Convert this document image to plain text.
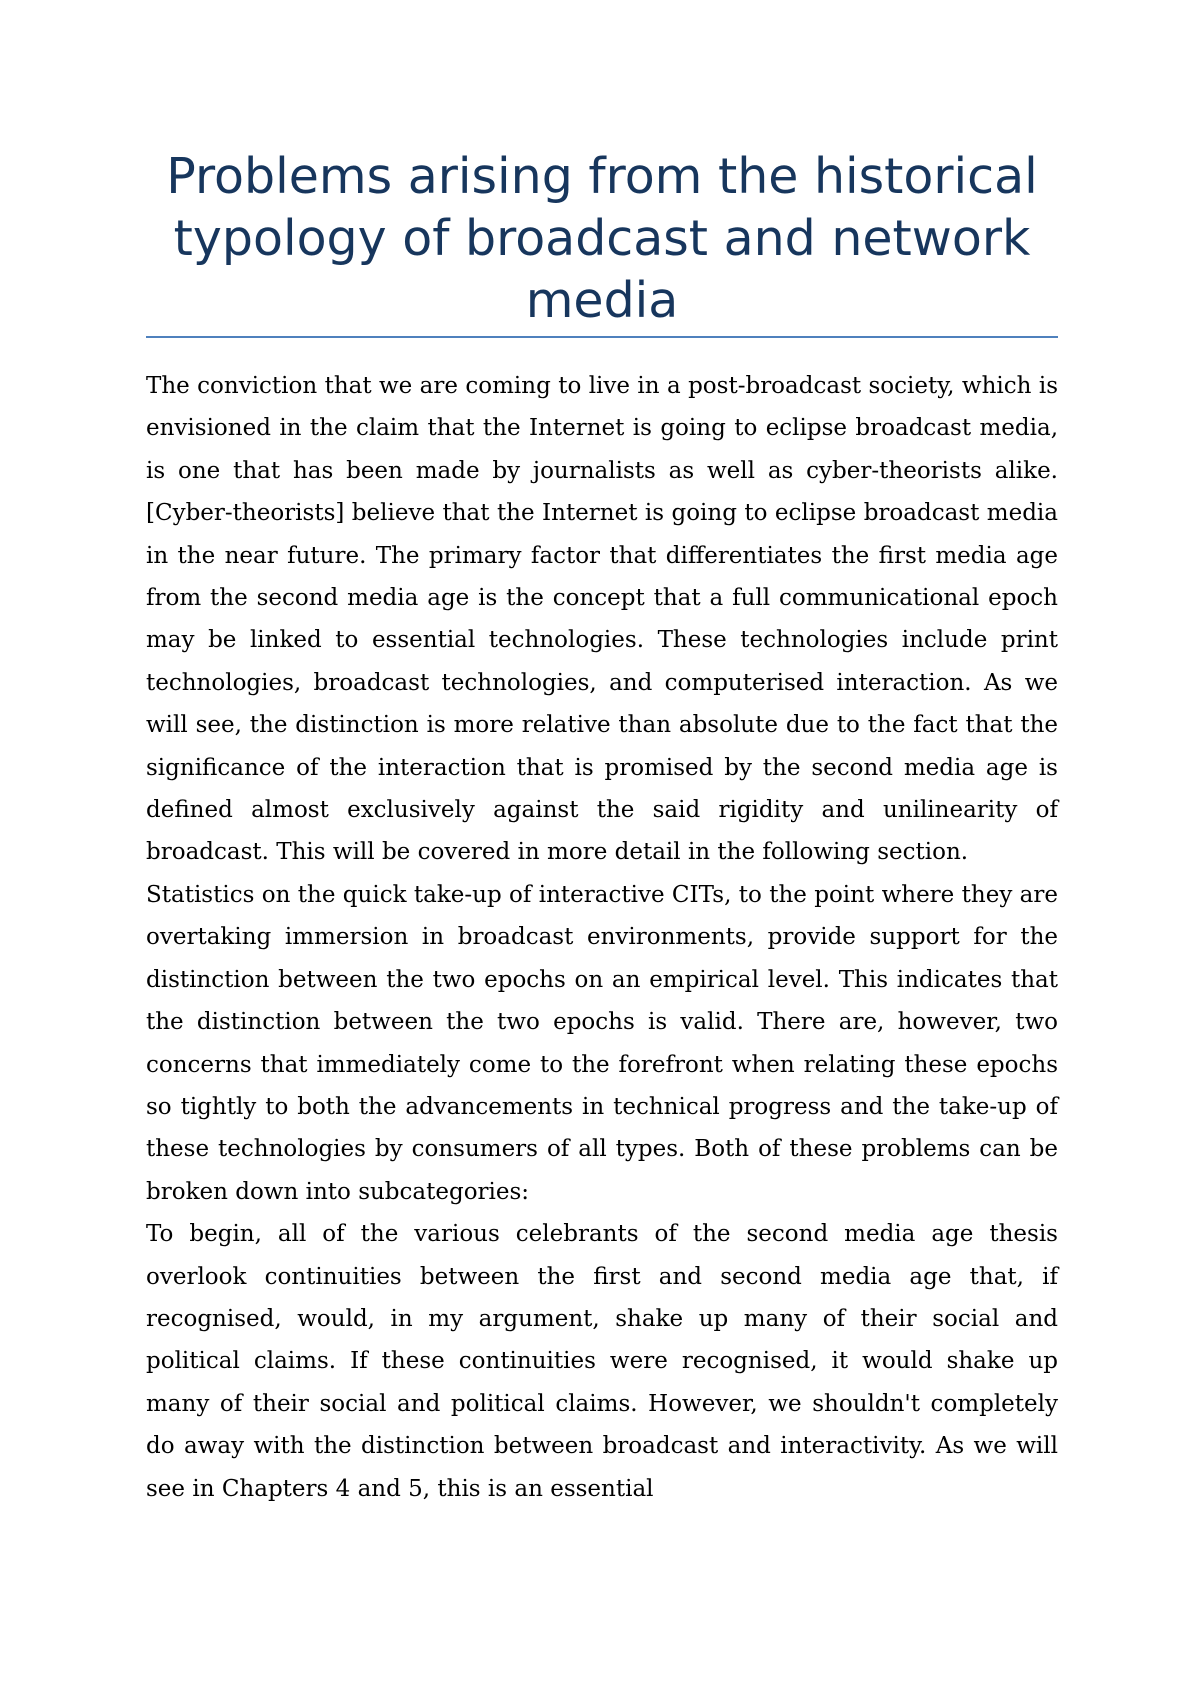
Problems arising from the historical typology of broadcast and network media

The conviction that we are coming to live in a post-broadcast society, which is envisioned in the claim that the Internet is going to eclipse broadcast media, is one that has been made by journalists as well as cyber-theorists alike. [Cyber-theorists] believe that the Internet is going to eclipse broadcast media in the near future. The primary factor that differentiates the first media age from the second media age is the concept that a full communicational epoch may be linked to essential technologies. These technologies include print technologies, broadcast technologies, and computerised interaction. As we will see, the distinction is more relative than absolute due to the fact that the significance of the interaction that is promised by the second media age is defined almost exclusively against the said rigidity and unilinearity of broadcast. This will be covered in more detail in the following section.

Statistics on the quick take-up of interactive CITs, to the point where they are overtaking immersion in broadcast environments, provide support for the distinction between the two epochs on an empirical level. This indicates that the distinction between the two epochs is valid. There are, however, two concerns that immediately come to the forefront when relating these epochs so tightly to both the advancements in technical progress and the take-up of these technologies by consumers of all types. Both of these problems can be broken down into subcategories:

To begin, all of the various celebrants of the second media age thesis overlook continuities between the first and second media age that, if recognised, would, in my argument, shake up many of their social and political claims. If these continuities were recognised, it would shake up many of their social and political claims. However, we shouldn't completely do away with the distinction between broadcast and interactivity. As we will see in Chapters 4 and 5, this is an essential
